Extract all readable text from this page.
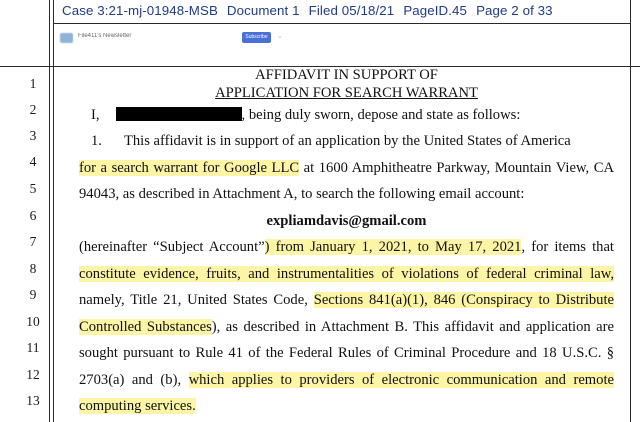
Case 3:21-mj-01948-MSB Document 1 Filed 05/18/21 PageID.45 Page 2 of 33
File411's Newsletter	Subscribe	⌄
1
2
3
4
5
6
7
8
9
10
11
12
13
AFFIDAVIT IN SUPPORT OF
APPLICATION FOR SEARCH WARRANT
I,	, being duly sworn, depose and state as follows:
1. This affidavit is in support of an application by the United States of America
for a search warrant for Google LLC at 1600 Amphitheatre Parkway, Mountain View, CA
94043, as described in Attachment A, to search the following email account:
expliamdavis@gmail.com
(hereinafter “Subject Account”) from January 1, 2021, to May 17, 2021, for items that
constitute evidence, fruits, and instrumentalities of violations of federal criminal law,
namely, Title 21, United States Code, Sections 841(a)(1), 846 (Conspiracy to Distribute
Controlled Substances), as described in Attachment B. This affidavit and application are
sought pursuant to Rule 41 of the Federal Rules of Criminal Procedure and 18 U.S.C. §
2703(a) and (b), which applies to providers of electronic communication and remote
computing services.
